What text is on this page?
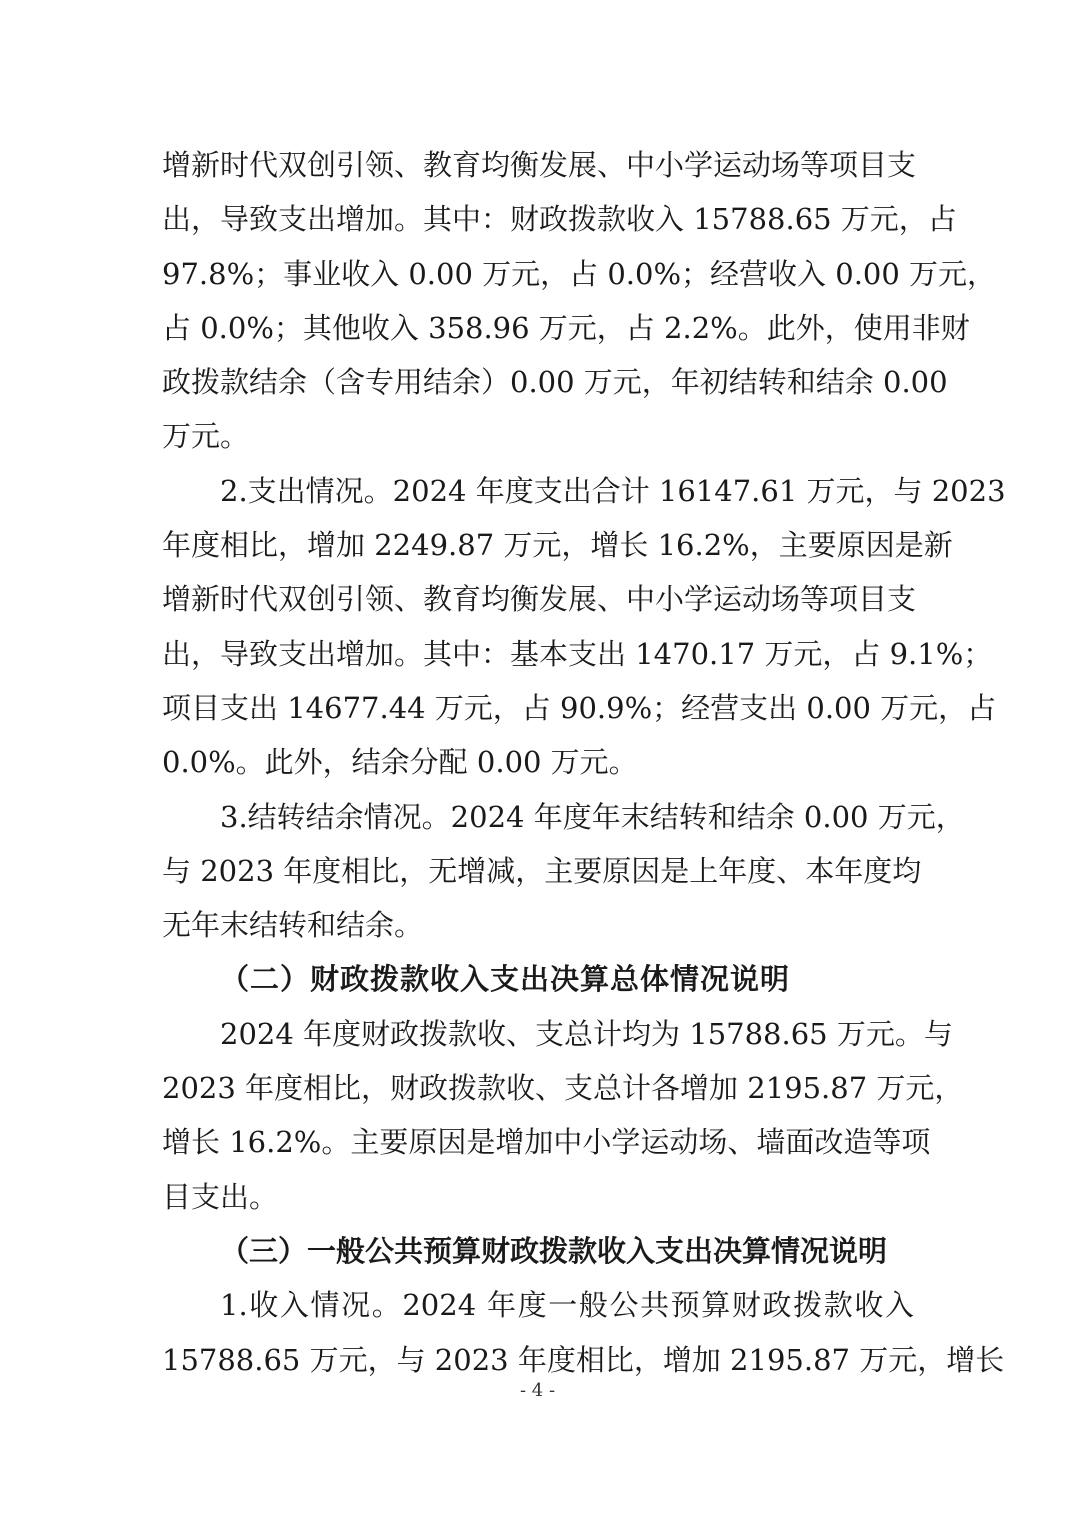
增新时代双创引领、教育均衡发展、中小学运动场等项目支
出，导致支出增加。其中：财政拨款收入 15788.65 万元，占
97.8%；事业收入 0.00 万元，占 0.0%；经营收入 0.00 万元，
占 0.0%；其他收入 358.96 万元，占 2.2%。此外，使用非财
政拨款结余（含专用结余）0.00 万元，年初结转和结余 0.00
万元。
2.支出情况。2024 年度支出合计 16147.61 万元，与 2023
年度相比，增加 2249.87 万元，增长 16.2%，主要原因是新
增新时代双创引领、教育均衡发展、中小学运动场等项目支
出，导致支出增加。其中：基本支出 1470.17 万元，占 9.1%；
项目支出 14677.44 万元，占 90.9%；经营支出 0.00 万元，占
0.0%。此外，结余分配 0.00 万元。
3.结转结余情况。2024 年度年末结转和结余 0.00 万元，
与 2023 年度相比，无增减，主要原因是上年度、本年度均
无年末结转和结余。
（二）财政拨款收入支出决算总体情况说明
2024 年度财政拨款收、支总计均为 15788.65 万元。与
2023 年度相比，财政拨款收、支总计各增加 2195.87 万元，
增长 16.2%。主要原因是增加中小学运动场、墙面改造等项
目支出。
（三）一般公共预算财政拨款收入支出决算情况说明
1.收入情况。2024 年度一般公共预算财政拨款收入
15788.65 万元，与 2023 年度相比，增加 2195.87 万元，增长
- 4 -
